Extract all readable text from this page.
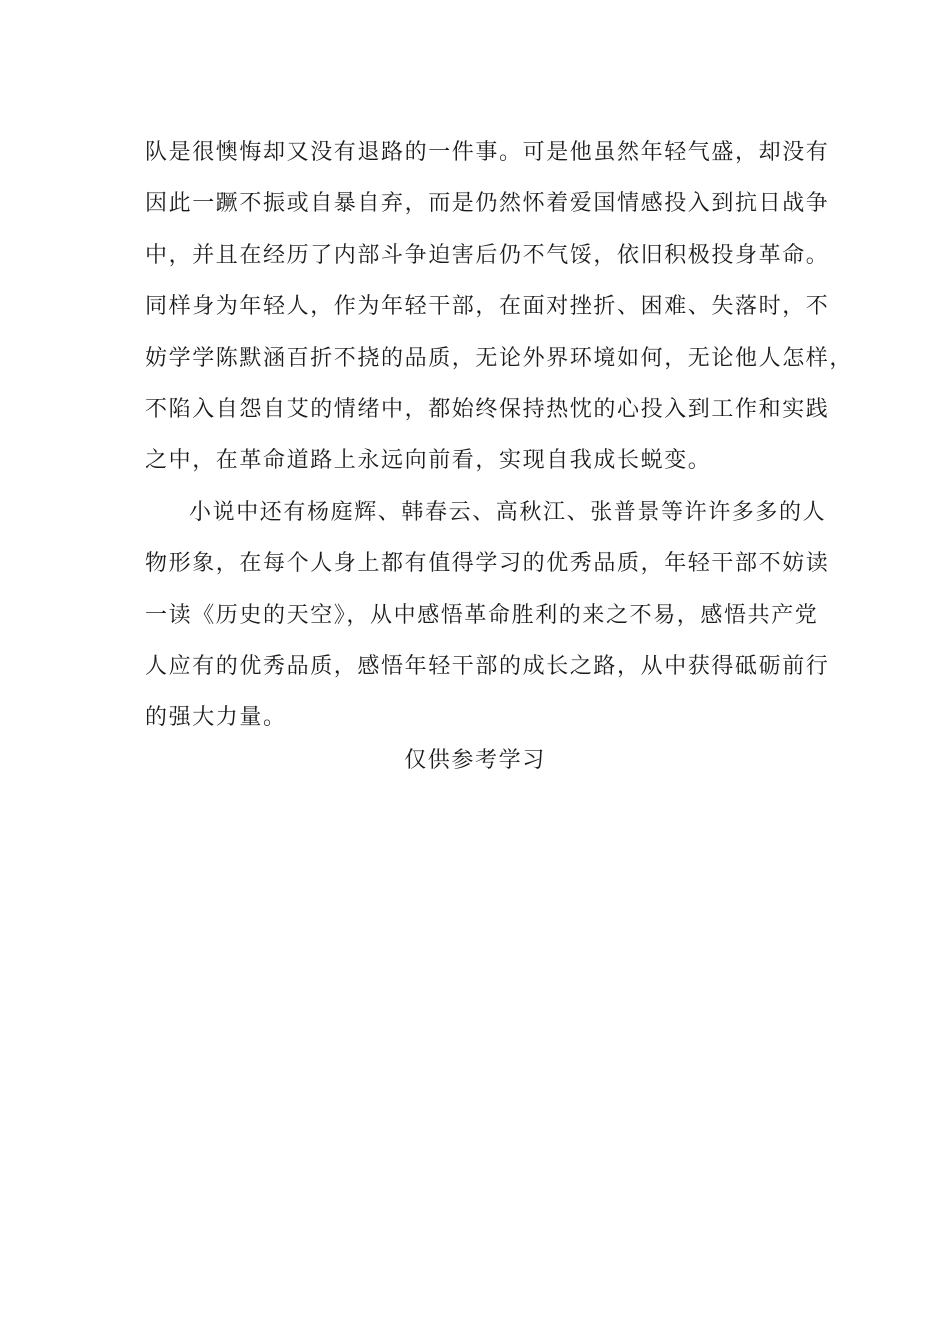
队是很懊悔却又没有退路的一件事。可是他虽然年轻气盛，却没有
因此一蹶不振或自暴自弃，而是仍然怀着爱国情感投入到抗日战争
中，并且在经历了内部斗争迫害后仍不气馁，依旧积极投身革命。
同样身为年轻人，作为年轻干部，在面对挫折、困难、失落时，不
妨学学陈默涵百折不挠的品质，无论外界环境如何，无论他人怎样，
不陷入自怨自艾的情绪中，都始终保持热忱的心投入到工作和实践
之中，在革命道路上永远向前看，实现自我成长蜕变。
小说中还有杨庭辉、韩春云、高秋江、张普景等许许多多的人
物形象，在每个人身上都有值得学习的优秀品质，年轻干部不妨读
一读《历史的天空》，从中感悟革命胜利的来之不易，感悟共产党
人应有的优秀品质，感悟年轻干部的成长之路，从中获得砥砺前行
的强大力量。
仅供参考学习
